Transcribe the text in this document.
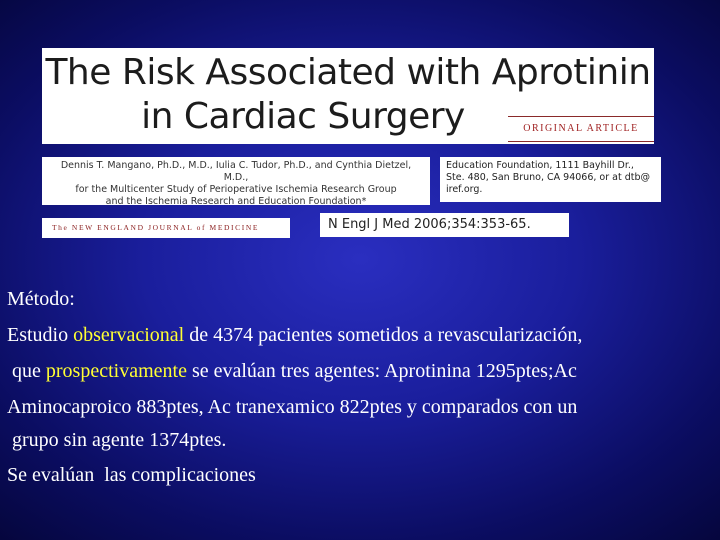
The Risk Associated with Aprotinin
in Cardiac Surgery	ORIGINAL ARTICLE
Dennis T. Mangano, Ph.D., M.D., Iulia C. Tudor, Ph.D., and Cynthia Dietzel, M.D.,
for the Multicenter Study of Perioperative Ischemia Research Group
and the Ischemia Research and Education Foundation*
Education Foundation, 1111 Bayhill Dr.,
Ste. 480, San Bruno, CA 94066, or at dtb@
iref.org.
The NEW ENGLAND JOURNAL of MEDICINE	N Engl J Med 2006;354:353-65.
Método:
Estudio observacional de 4374 pacientes sometidos a revascularización,
que prospectivamente se evalúan tres agentes: Aprotinina 1295ptes;Ac
Aminocaproico 883ptes, Ac tranexamico 822ptes y comparados con un
grupo sin agente 1374ptes.
Se evalúan  las complicaciones
